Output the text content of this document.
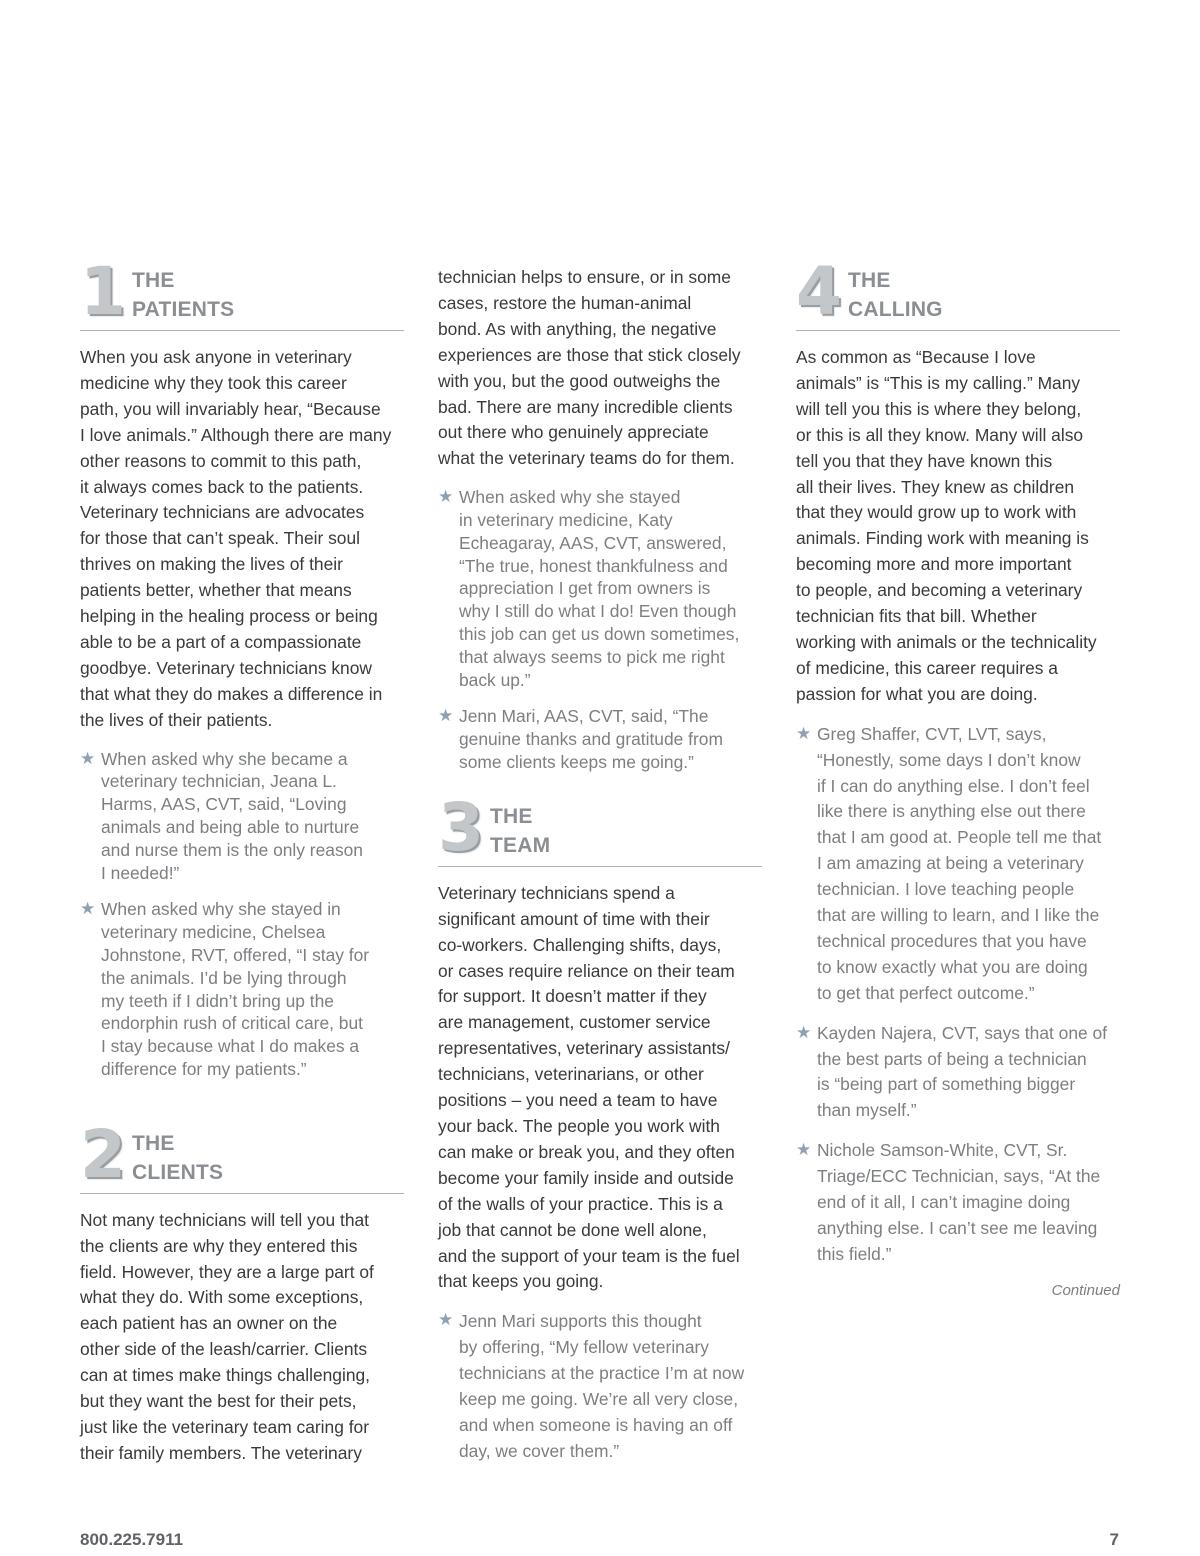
1 THE
PATIENTS

When you ask anyone in veterinary
medicine why they took this career
path, you will invariably hear, “Because
I love animals.” Although there are many
other reasons to commit to this path,
it always comes back to the patients.
Veterinary technicians are advocates
for those that can’t speak. Their soul
thrives on making the lives of their
patients better, whether that means
helping in the healing process or being
able to be a part of a compassionate
goodbye. Veterinary technicians know
that what they do makes a difference in
the lives of their patients.

★ When asked why she became a
veterinary technician, Jeana L.
Harms, AAS, CVT, said, “Loving
animals and being able to nurture
and nurse them is the only reason
I needed!”
★ When asked why she stayed in
veterinary medicine, Chelsea
Johnstone, RVT, offered, “I stay for
the animals. I’d be lying through
my teeth if I didn’t bring up the
endorphin rush of critical care, but
I stay because what I do makes a
difference for my patients.”
2 THE
CLIENTS

Not many technicians will tell you that
the clients are why they entered this
field. However, they are a large part of
what they do. With some exceptions,
each patient has an owner on the
other side of the leash/carrier. Clients
can at times make things challenging,
but they want the best for their pets,
just like the veterinary team caring for
their family members. The veterinary

technician helps to ensure, or in some
cases, restore the human-animal
bond. As with anything, the negative
experiences are those that stick closely
with you, but the good outweighs the
bad. There are many incredible clients
out there who genuinely appreciate
what the veterinary teams do for them.

★ When asked why she stayed
in veterinary medicine, Katy
Echeagaray, AAS, CVT, answered,
“The true, honest thankfulness and
appreciation I get from owners is
why I still do what I do! Even though
this job can get us down sometimes,
that always seems to pick me right
back up.”
★ Jenn Mari, AAS, CVT, said, “The
genuine thanks and gratitude from
some clients keeps me going.”
3 THE
TEAM

Veterinary technicians spend a
significant amount of time with their
co-workers. Challenging shifts, days,
or cases require reliance on their team
for support. It doesn’t matter if they
are management, customer service
representatives, veterinary assistants/
technicians, veterinarians, or other
positions – you need a team to have
your back. The people you work with
can make or break you, and they often
become your family inside and outside
of the walls of your practice. This is a
job that cannot be done well alone,
and the support of your team is the fuel
that keeps you going.

★ Jenn Mari supports this thought
by offering, “My fellow veterinary
technicians at the practice I’m at now
keep me going. We’re all very close,
and when someone is having an off
day, we cover them.”
4 THE
CALLING

As common as “Because I love
animals” is “This is my calling.” Many
will tell you this is where they belong,
or this is all they know. Many will also
tell you that they have known this
all their lives. They knew as children
that they would grow up to work with
animals. Finding work with meaning is
becoming more and more important
to people, and becoming a veterinary
technician fits that bill. Whether
working with animals or the technicality
of medicine, this career requires a
passion for what you are doing.

★ Greg Shaffer, CVT, LVT, says,
“Honestly, some days I don’t know
if I can do anything else. I don’t feel
like there is anything else out there
that I am good at. People tell me that
I am amazing at being a veterinary
technician. I love teaching people
that are willing to learn, and I like the
technical procedures that you have
to know exactly what you are doing
to get that perfect outcome.”
★ Kayden Najera, CVT, says that one of
the best parts of being a technician
is “being part of something bigger
than myself.”
★ Nichole Samson-White, CVT, Sr.
Triage/ECC Technician, says, “At the
end of it all, I can’t imagine doing
anything else. I can’t see me leaving
this field.”
Continued
800.225.7911	7
